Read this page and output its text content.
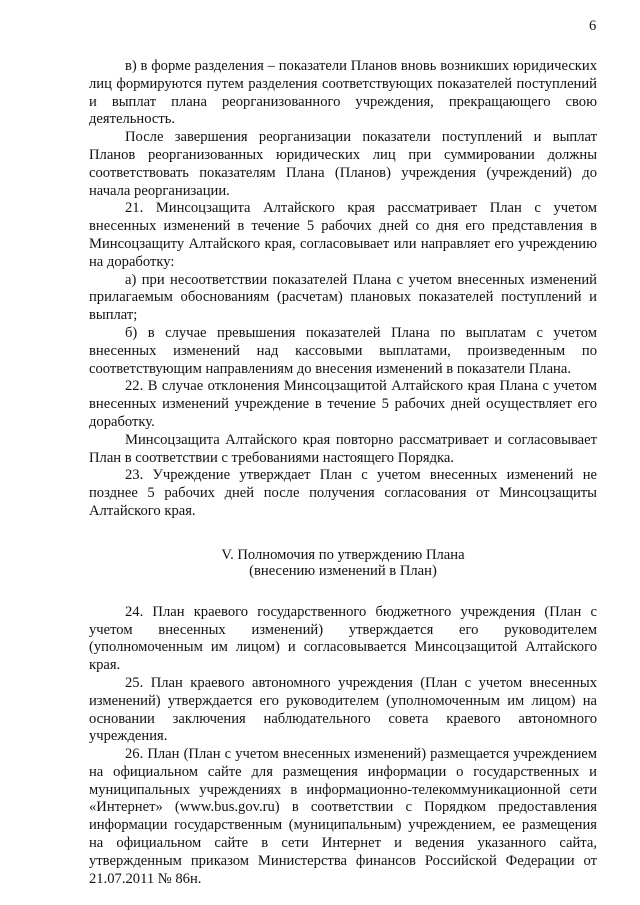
6

в) в форме разделения – показатели Планов вновь возникших юридических лиц формируются путем разделения соответствующих показателей поступлений и выплат плана реорганизованного учреждения, прекращающего свою деятельность.

После завершения реорганизации показатели поступлений и выплат Планов реорганизованных юридических лиц при суммировании должны соответствовать показателям Плана (Планов) учреждения (учреждений) до начала реорганизации.

21. Минсоцзащита Алтайского края рассматривает План с учетом внесенных изменений в течение 5 рабочих дней со дня его представления в Минсоцзащиту Алтайского края, согласовывает или направляет его учреждению на доработку:

а) при несоответствии показателей Плана с учетом внесенных изменений прилагаемым обоснованиям (расчетам) плановых показателей поступлений и выплат;

б) в случае превышения показателей Плана по выплатам с учетом внесенных изменений над кассовыми выплатами, произведенным по соответствующим направлениям до внесения изменений в показатели Плана.

22. В случае отклонения Минсоцзащитой Алтайского края Плана с учетом внесенных изменений учреждение в течение 5 рабочих дней осуществляет его доработку.

Минсоцзащита Алтайского края повторно рассматривает и согласовывает План в соответствии с требованиями настоящего Порядка.

23. Учреждение утверждает План с учетом внесенных изменений не позднее 5 рабочих дней после получения согласования от Минсоцзащиты Алтайского края.

V. Полномочия по утверждению Плана
(внесению изменений в План)

24. План краевого государственного бюджетного учреждения (План с учетом внесенных изменений) утверждается его руководителем (уполномоченным им лицом) и согласовывается Минсоцзащитой Алтайского края.

25. План краевого автономного учреждения (План с учетом внесенных изменений) утверждается его руководителем (уполномоченным им лицом) на основании заключения наблюдательного совета краевого автономного учреждения.

26. План (План с учетом внесенных изменений) размещается учреждением на официальном сайте для размещения информации о государственных и муниципальных учреждениях в информационно-телекоммуникационной сети «Интернет» (www.bus.gov.ru) в соответствии с Порядком предоставления информации государственным (муниципальным) учреждением, ее размещения на официальном сайте в сети Интернет и ведения указанного сайта, утвержденным приказом Министерства финансов Российской Федерации от 21.07.2011 № 86н.
